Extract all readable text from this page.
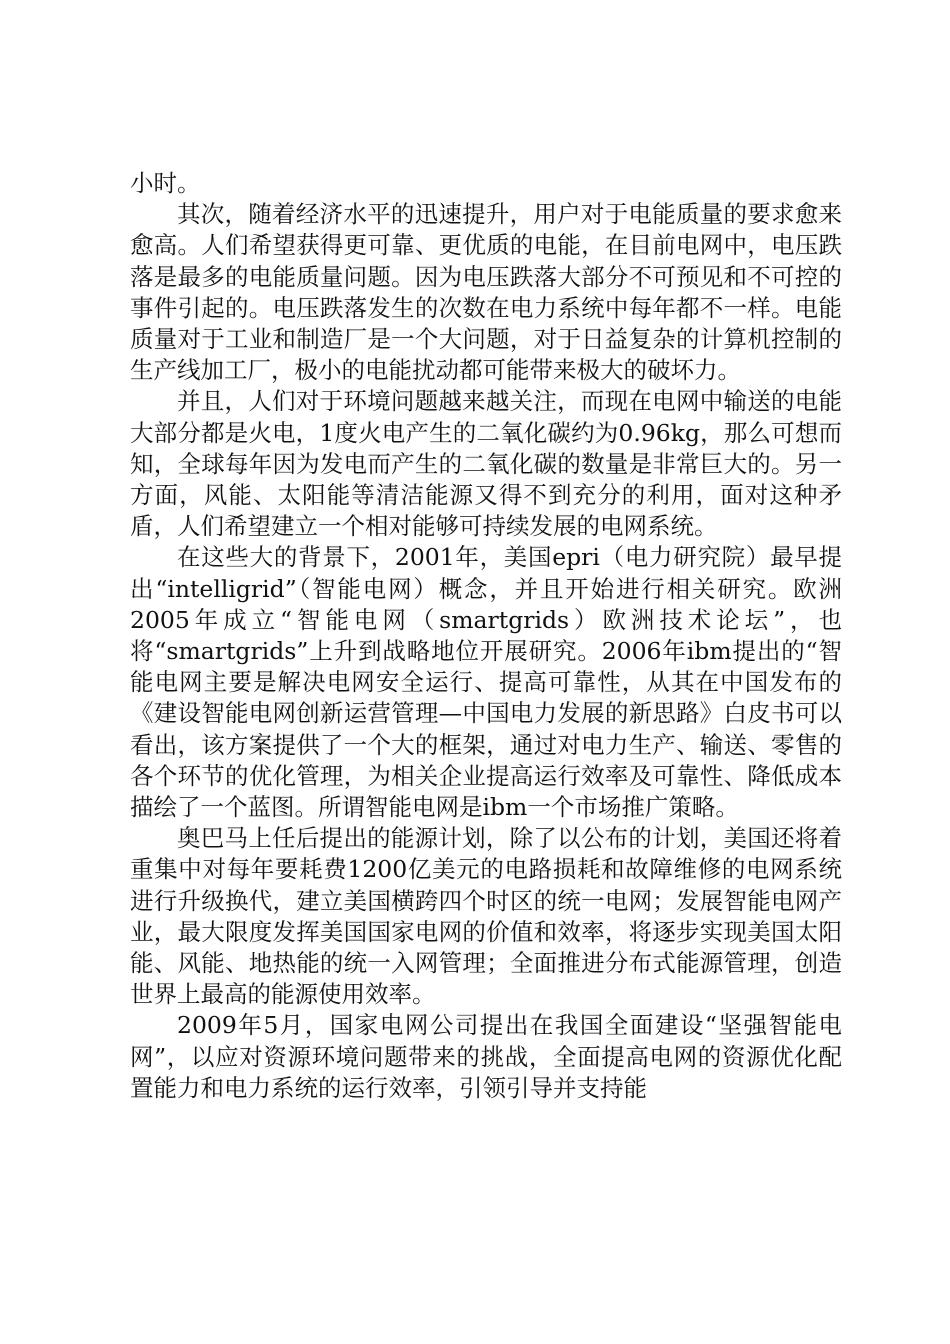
小时。

其次，随着经济水平的迅速提升，用户对于电能质量的要求愈来愈高。人们希望获得更可靠、更优质的电能，在目前电网中，电压跌落是最多的电能质量问题。因为电压跌落大部分不可预见和不可控的事件引起的。电压跌落发生的次数在电力系统中每年都不一样。电能质量对于工业和制造厂是一个大问题，对于日益复杂的计算机控制的生产线加工厂，极小的电能扰动都可能带来极大的破坏力。

并且，人们对于环境问题越来越关注，而现在电网中输送的电能大部分都是火电，1度火电产生的二氧化碳约为0.96kg，那么可想而知，全球每年因为发电而产生的二氧化碳的数量是非常巨大的。另一方面，风能、太阳能等清洁能源又得不到充分的利用，面对这种矛盾，人们希望建立一个相对能够可持续发展的电网系统。

在这些大的背景下，2001年，美国epri（电力研究院）最早提出“intelligrid”（智能电网）概念，并且开始进行相关研究。欧洲2005年成立“智能电网（smartgrids）欧洲技术论坛”，也将“smartgrids”上升到战略地位开展研究。2006年ibm提出的“智能电网主要是解决电网安全运行、提高可靠性，从其在中国发布的《建设智能电网创新运营管理—中国电力发展的新思路》白皮书可以看出，该方案提供了一个大的框架，通过对电力生产、输送、零售的各个环节的优化管理，为相关企业提高运行效率及可靠性、降低成本描绘了一个蓝图。所谓智能电网是ibm一个市场推广策略。

奥巴马上任后提出的能源计划，除了以公布的计划，美国还将着重集中对每年要耗费1200亿美元的电路损耗和故障维修的电网系统进行升级换代，建立美国横跨四个时区的统一电网；发展智能电网产业，最大限度发挥美国国家电网的价值和效率，将逐步实现美国太阳能、风能、地热能的统一入网管理；全面推进分布式能源管理，创造世界上最高的能源使用效率。

2009年5月，国家电网公司提出在我国全面建设“坚强智能电网”，以应对资源环境问题带来的挑战，全面提高电网的资源优化配置能力和电力系统的运行效率，引领引导并支持能
